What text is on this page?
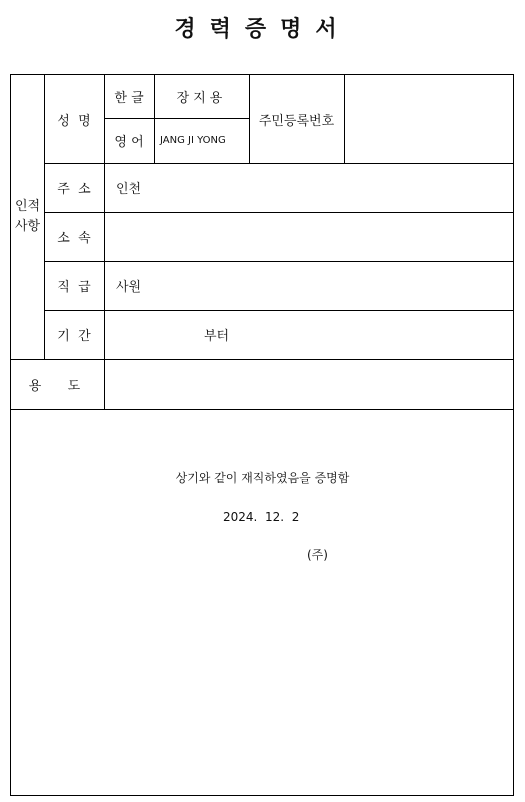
경력증명서
인적
사항
성  명
한 글	장지용
영 어	JANG JI YONG
주민등록번호
주  소	인천
소  속
직  급	사원
기  간	부터
용  도
상기와 같이 재직하였음을 증명함
2024.  12.  2
(주)
